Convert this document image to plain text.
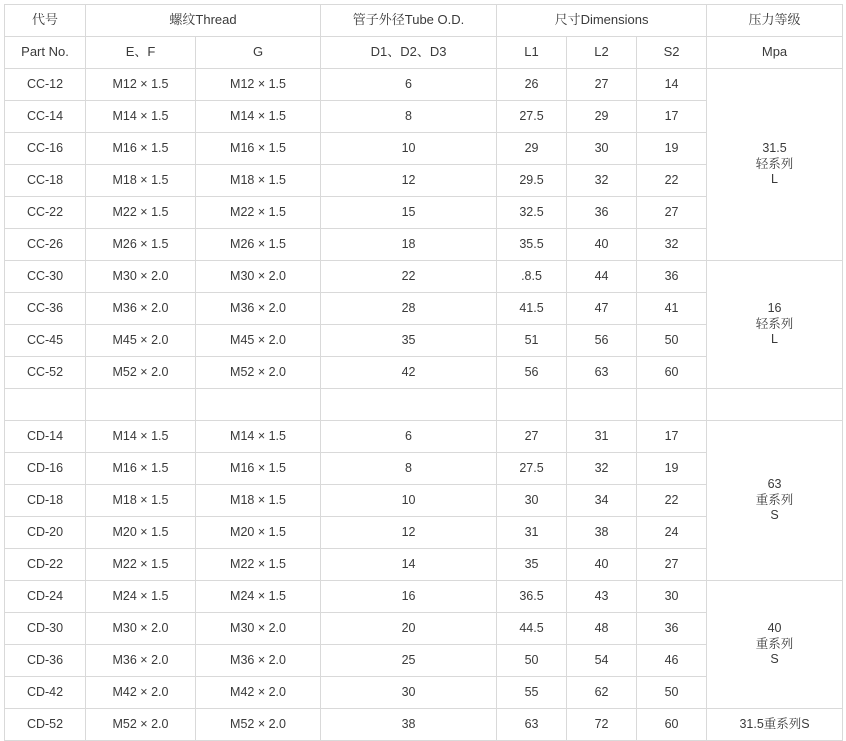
代号	螺纹Thread		管子外径Tube O.D.	尺寸Dimensions			压力等级
Part No.	E、F	G	D1、D2、D3	L1	L2	S2	Mpa
CC-12	M12 × 1.5	M12 × 1.5	6	26	27	14	31.5
轻系列
L

CC-14	M14 × 1.5	M14 × 1.5	8	27.5	29	17	
CC-16	M16 × 1.5	M16 × 1.5	10	29	30	19	
CC-18	M18 × 1.5	M18 × 1.5	12	29.5	32	22	
CC-22	M22 × 1.5	M22 × 1.5	15	32.5	36	27	
CC-26	M26 × 1.5	M26 × 1.5	18	35.5	40	32	
CC-30	M30 × 2.0	M30 × 2.0	22	.8.5	44	36	16
轻系列
L

CC-36	M36 × 2.0	M36 × 2.0	28	41.5	47	41	
CC-45	M45 × 2.0	M45 × 2.0	35	51	56	50	
CC-52	M52 × 2.0	M52 × 2.0	42	56	63	60	

CD-14	M14 × 1.5	M14 × 1.5	6	27	31	17	63
重系列
S

CD-16	M16 × 1.5	M16 × 1.5	8	27.5	32	19	
CD-18	M18 × 1.5	M18 × 1.5	10	30	34	22	
CD-20	M20 × 1.5	M20 × 1.5	12	31	38	24	
CD-22	M22 × 1.5	M22 × 1.5	14	35	40	27	
CD-24	M24 × 1.5	M24 × 1.5	16	36.5	43	30	40
重系列
S

CD-30	M30 × 2.0	M30 × 2.0	20	44.5	48	36	
CD-36	M36 × 2.0	M36 × 2.0	25	50	54	46	
CD-42	M42 × 2.0	M42 × 2.0	30	55	62	50	
CD-52	M52 × 2.0	M52 × 2.0	38	63	72	60	31.5重系列S
